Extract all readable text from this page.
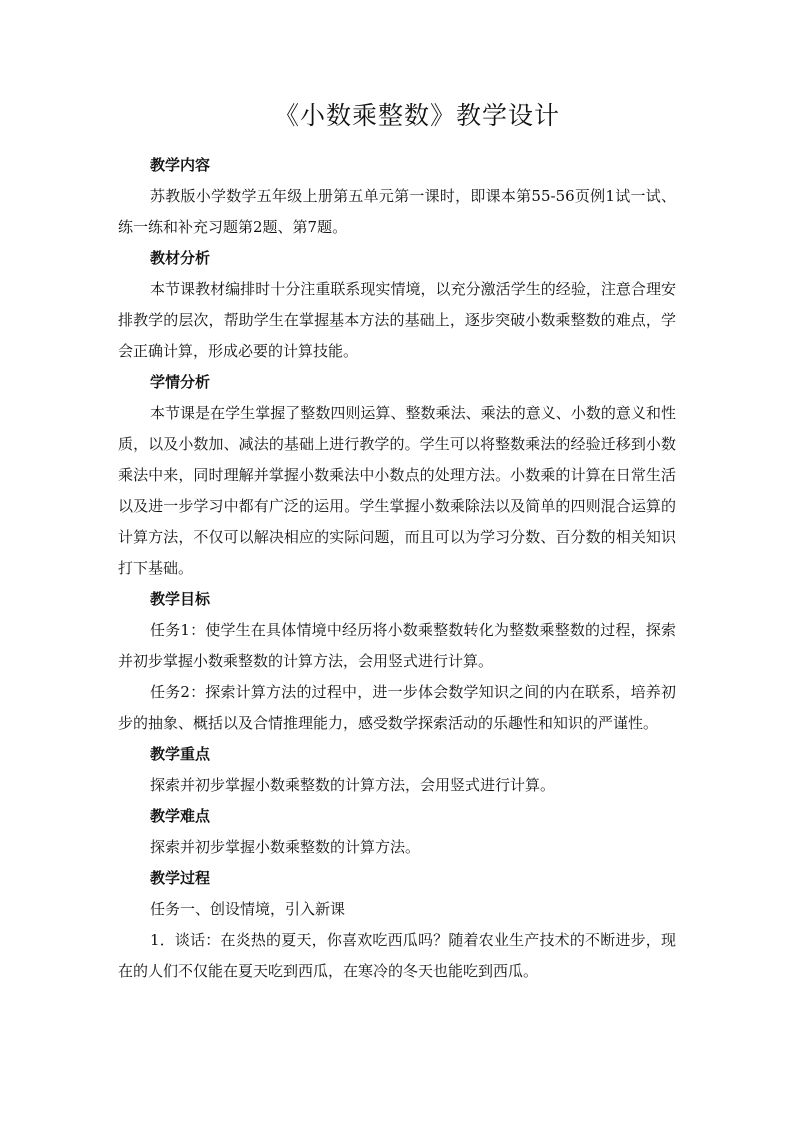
《小数乘整数》教学设计

教学内容

苏教版小学数学五年级上册第五单元第一课时，即课本第55-56页例1试一试、练一练和补充习题第2题、第7题。

教材分析

本节课教材编排时十分注重联系现实情境，以充分激活学生的经验，注意合理安排教学的层次，帮助学生在掌握基本方法的基础上，逐步突破小数乘整数的难点，学会正确计算，形成必要的计算技能。

学情分析

本节课是在学生掌握了整数四则运算、整数乘法、乘法的意义、小数的意义和性质，以及小数加、减法的基础上进行教学的。学生可以将整数乘法的经验迁移到小数乘法中来，同时理解并掌握小数乘法中小数点的处理方法。小数乘的计算在日常生活以及进一步学习中都有广泛的运用。学生掌握小数乘除法以及简单的四则混合运算的计算方法，不仅可以解决相应的实际问题，而且可以为学习分数、百分数的相关知识打下基础。

教学目标

任务1：使学生在具体情境中经历将小数乘整数转化为整数乘整数的过程，探索并初步掌握小数乘整数的计算方法，会用竖式进行计算。

任务2：探索计算方法的过程中，进一步体会数学知识之间的内在联系，培养初步的抽象、概括以及合情推理能力，感受数学探索活动的乐趣性和知识的严谨性。

教学重点

探索并初步掌握小数乘整数的计算方法，会用竖式进行计算。

教学难点

探索并初步掌握小数乘整数的计算方法。

教学过程

任务一、创设情境，引入新课

1．谈话：在炎热的夏天，你喜欢吃西瓜吗？随着农业生产技术的不断进步，现在的人们不仅能在夏天吃到西瓜，在寒冷的冬天也能吃到西瓜。
